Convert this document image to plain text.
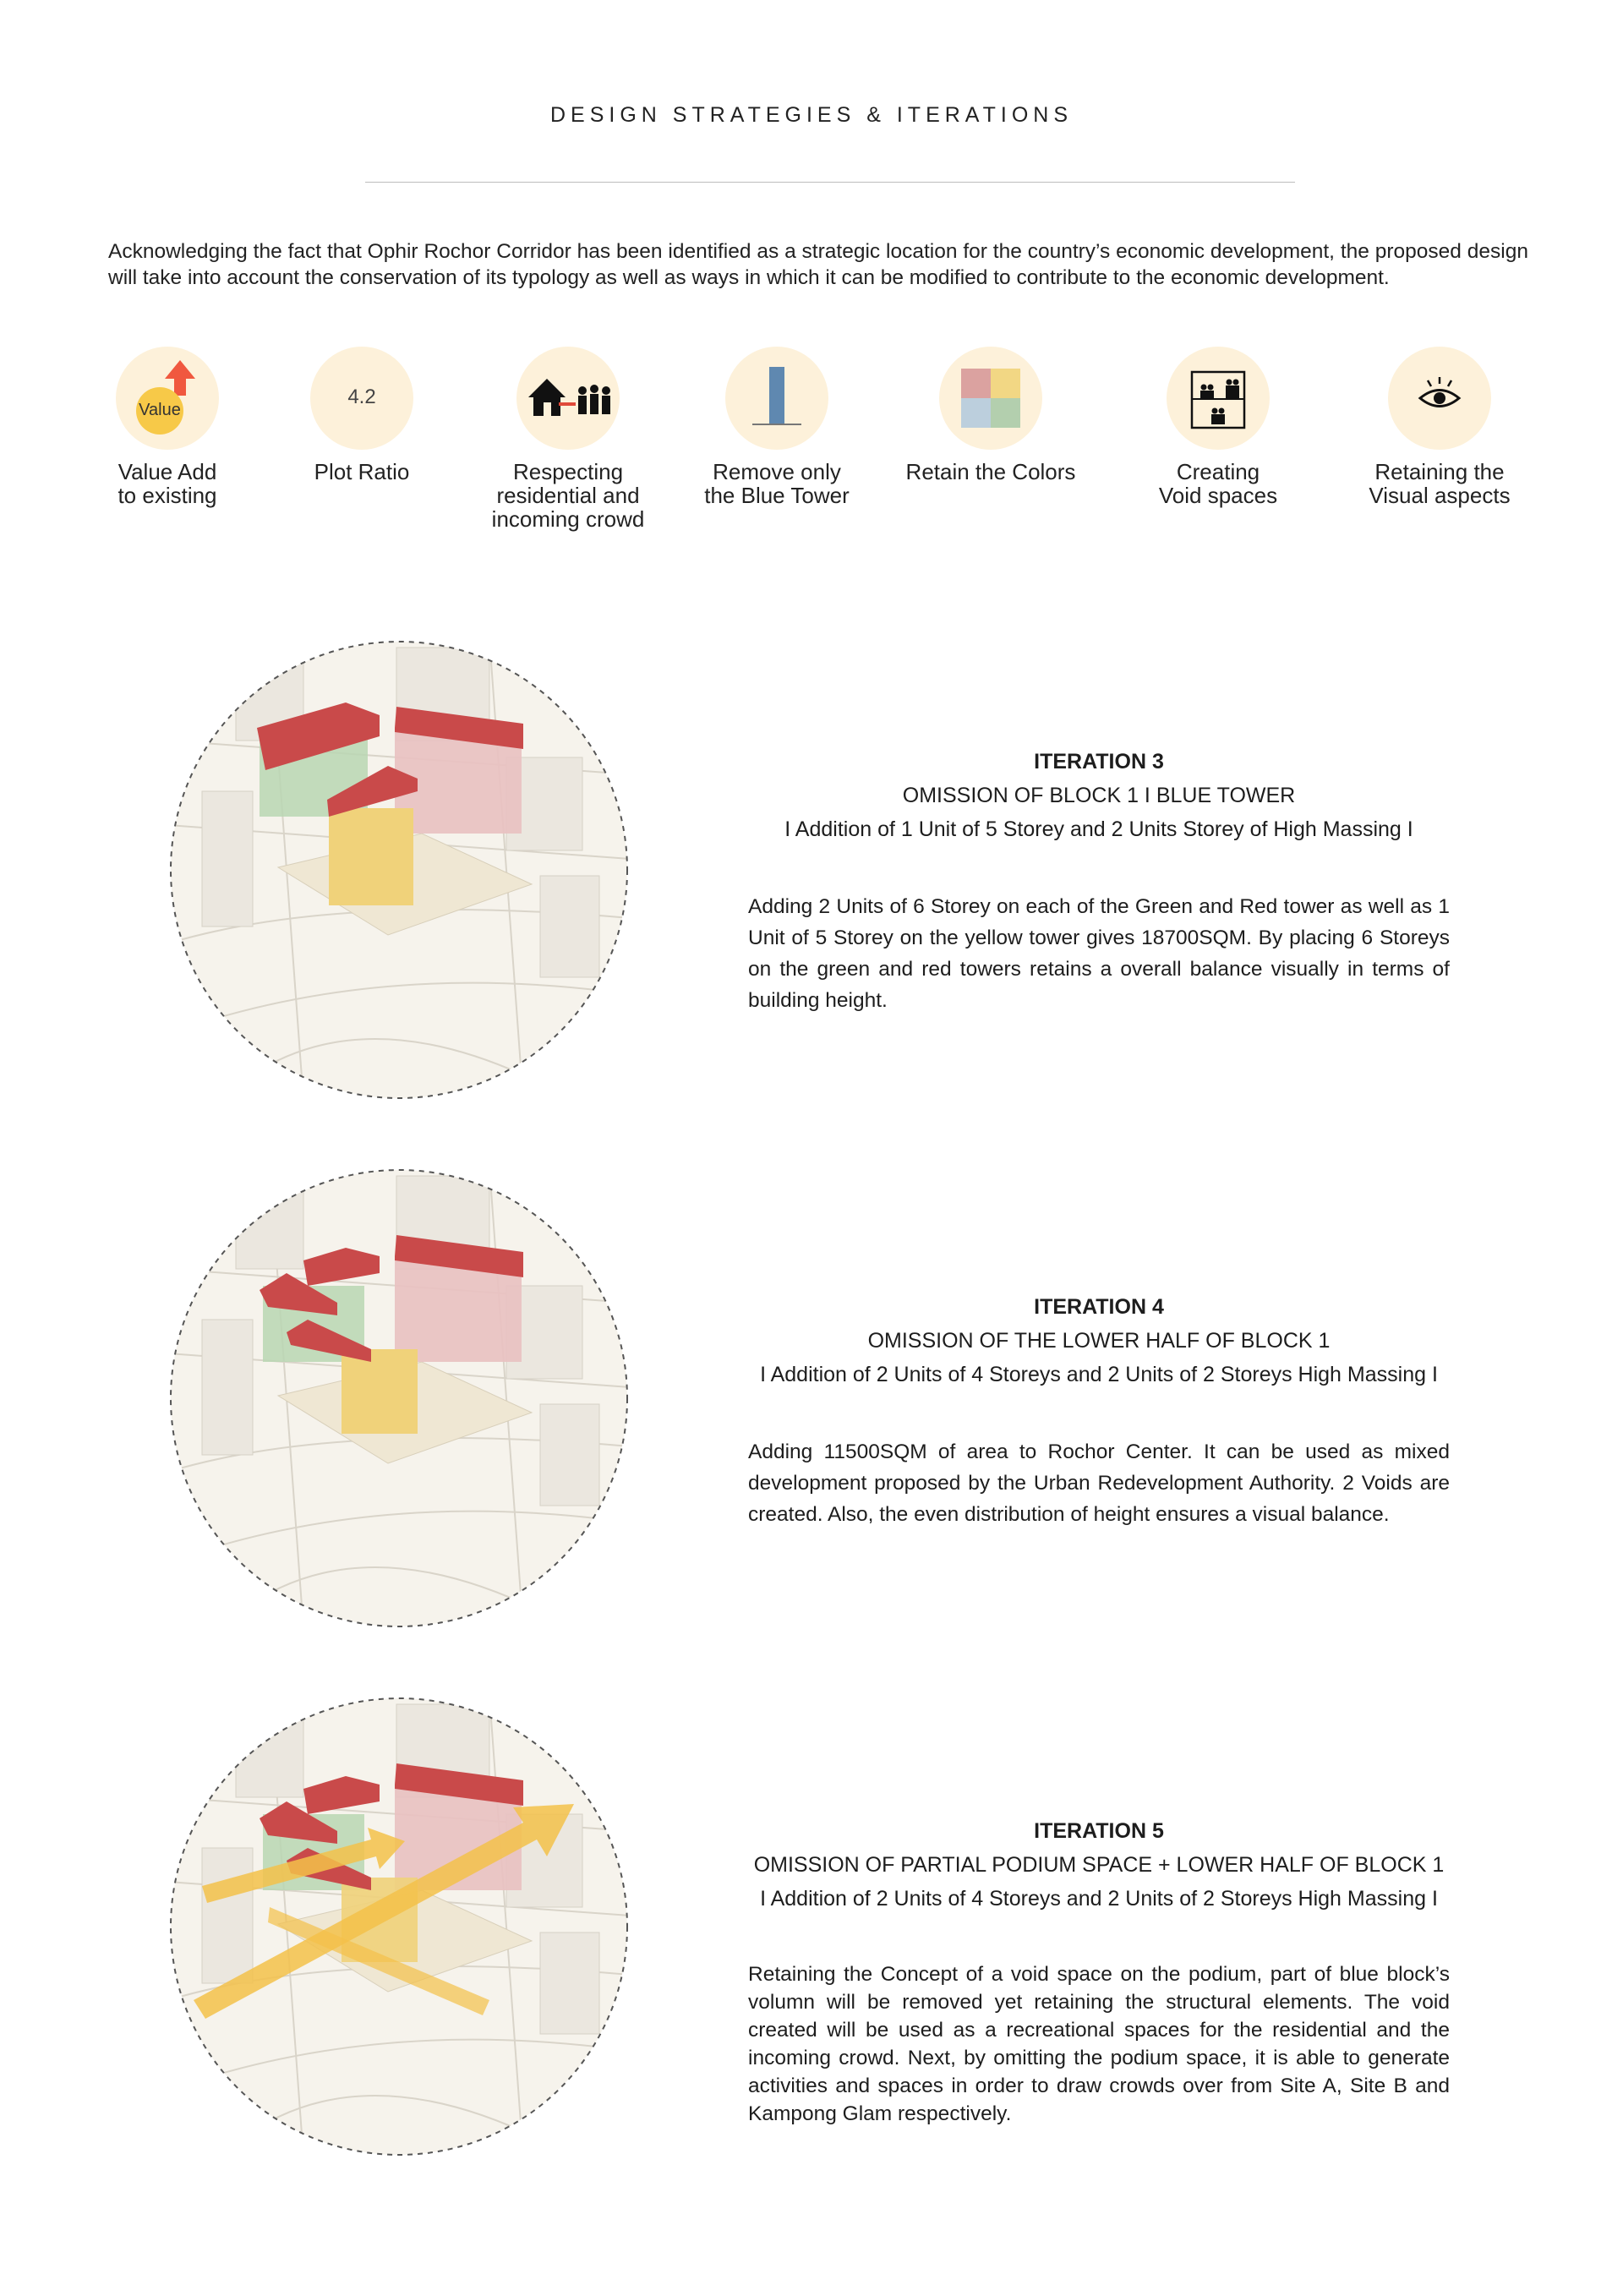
DESIGN STRATEGIES & ITERATIONS
Acknowledging the fact that Ophir Rochor Corridor has been identified as a strategic location for the country’s economic development, the proposed design will take into account the conservation of its typology as well as ways in which it can be modified to contribute to the economic development.
Value
Value Add
to existing
4.2
Plot Ratio	Respecting
residential and
incoming crowd
Remove only
the Blue Tower
Retain the Colors	Creating
Void spaces
Retaining the
Visual aspects
ITERATION 3
OMISSION OF BLOCK 1 I BLUE TOWER
I Addition of 1 Unit of 5 Storey and 2 Units Storey of High Massing I
Adding 2 Units of 6 Storey on each of the Green and Red tower as well as 1 Unit of 5 Storey on the yellow tower gives 18700SQM. By placing 6 Storeys on the green and red towers retains a overall balance visually in terms of building height.
ITERATION 4
OMISSION OF THE LOWER HALF OF BLOCK 1
I Addition of 2 Units of 4 Storeys and 2 Units of 2 Storeys High Massing I
Adding 11500SQM of area to Rochor Center. It can be used as mixed development proposed by the Urban Redevelopment Authority. 2 Voids are created. Also, the even distribution of height ensures a visual balance.
ITERATION 5
OMISSION OF PARTIAL PODIUM SPACE + LOWER HALF OF BLOCK 1
I Addition of 2 Units of 4 Storeys and 2 Units of 2 Storeys High Massing I
Retaining the Concept of a void space on the podium, part of blue block’s volumn will be removed yet retaining the structural elements. The void created will be used as a recreational spaces for the residential and the incoming crowd. Next, by omitting the podium space, it is able to generate activities and spaces in order to draw crowds over from Site A, Site B and Kampong Glam respectively.
